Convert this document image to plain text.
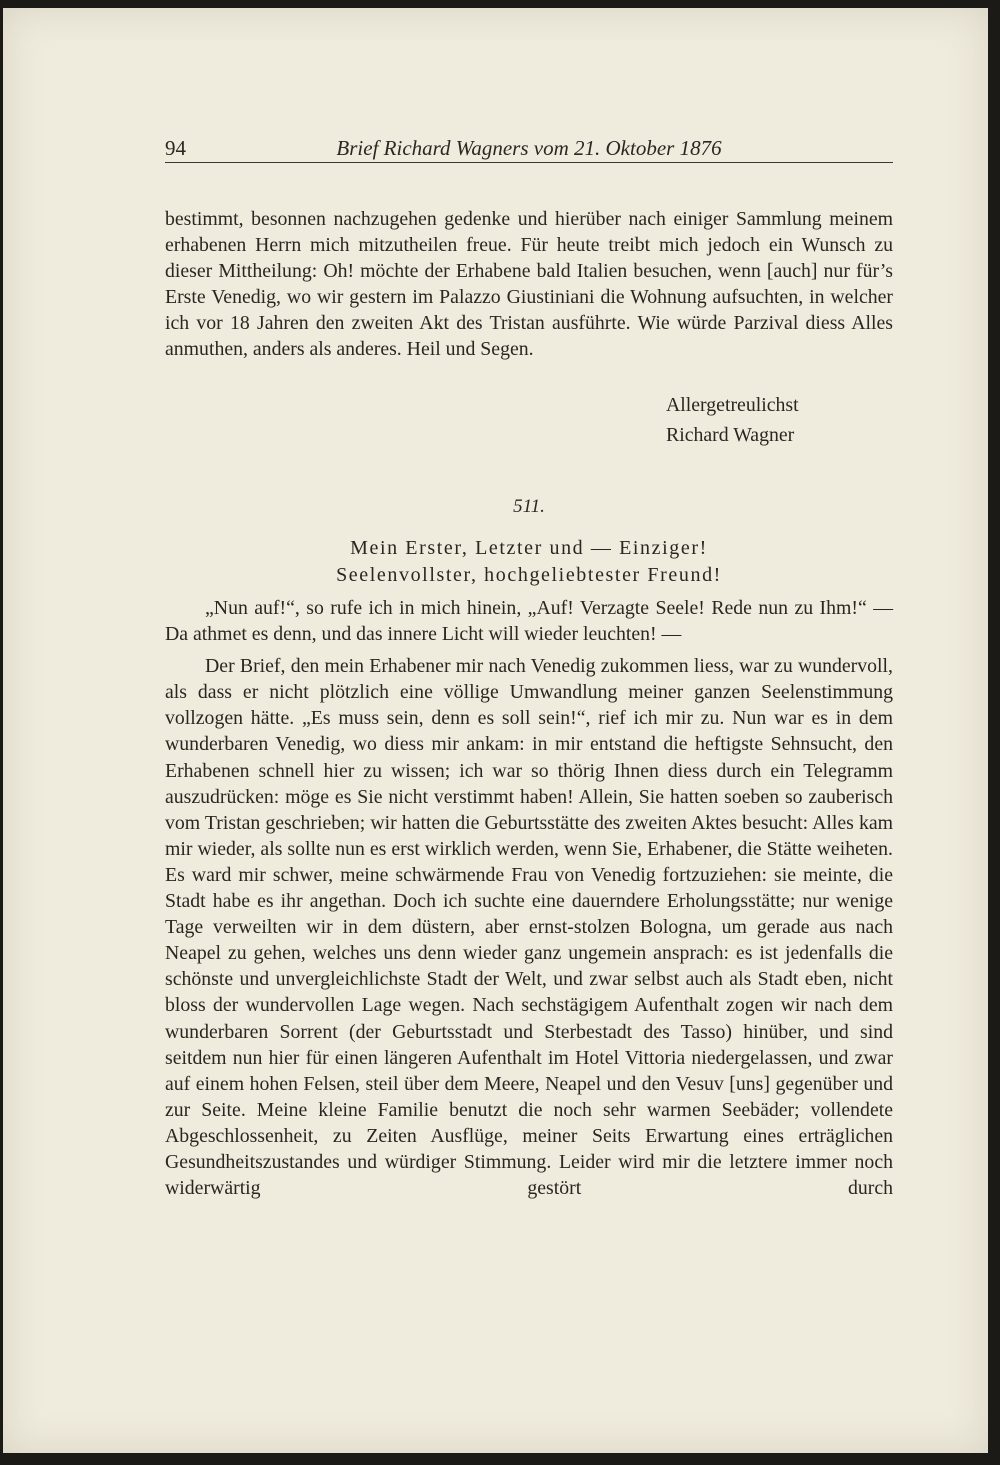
94	Brief Richard Wagners vom 21. Oktober 1876

bestimmt, besonnen nachzugehen gedenke und hierüber nach einiger Sammlung meinem erhabenen Herrn mich mitzutheilen freue. Für heute treibt mich jedoch ein Wunsch zu dieser Mittheilung: Oh! möchte der Erhabene bald Italien besuchen, wenn [auch] nur für’s Erste Venedig, wo wir gestern im Palazzo Giustiniani die Wohnung aufsuchten, in welcher ich vor 18 Jahren den zweiten Akt des Tristan ausführte. Wie würde Parzival diess Alles anmuthen, anders als anderes. Heil und Segen.

Allergetreulichst
Richard Wagner
511.
Mein Erster, Letzter und — Einziger!
Seelenvollster, hochgeliebtester Freund!

„Nun auf!“, so rufe ich in mich hinein, „Auf! Verzagte Seele! Rede nun zu Ihm!“ — Da athmet es denn, und das innere Licht will wieder leuchten! —

Der Brief, den mein Erhabener mir nach Venedig zukommen liess, war zu wundervoll, als dass er nicht plötzlich eine völlige Umwandlung meiner ganzen Seelenstimmung vollzogen hätte. „Es muss sein, denn es soll sein!“, rief ich mir zu. Nun war es in dem wunderbaren Venedig, wo diess mir ankam: in mir entstand die heftigste Sehnsucht, den Erhabenen schnell hier zu wissen; ich war so thörig Ihnen diess durch ein Telegramm auszudrücken: möge es Sie nicht verstimmt haben! Allein, Sie hatten soeben so zauberisch vom Tristan geschrieben; wir hatten die Geburtsstätte des zweiten Aktes besucht: Alles kam mir wieder, als sollte nun es erst wirklich werden, wenn Sie, Erhabener, die Stätte weiheten. Es ward mir schwer, meine schwärmende Frau von Venedig fortzuziehen: sie meinte, die Stadt habe es ihr angethan. Doch ich suchte eine dauerndere Erholungsstätte; nur wenige Tage verweilten wir in dem düstern, aber ernst-stolzen Bologna, um gerade aus nach Neapel zu gehen, welches uns denn wieder ganz ungemein ansprach: es ist jedenfalls die schönste und unvergleichlichste Stadt der Welt, und zwar selbst auch als Stadt eben, nicht bloss der wundervollen Lage wegen. Nach sechstägigem Aufenthalt zogen wir nach dem wunderbaren Sorrent (der Geburtsstadt und Sterbestadt des Tasso) hinüber, und sind seitdem nun hier für einen längeren Aufenthalt im Hotel Vittoria niedergelassen, und zwar auf einem hohen Felsen, steil über dem Meere, Neapel und den Vesuv [uns] gegenüber und zur Seite. Meine kleine Familie benutzt die noch sehr warmen Seebäder; vollendete Abgeschlossenheit, zu Zeiten Ausflüge, meiner Seits Erwartung eines erträglichen Gesundheitszustandes und würdiger Stimmung. Leider wird mir die letztere immer noch widerwärtig gestört durch
